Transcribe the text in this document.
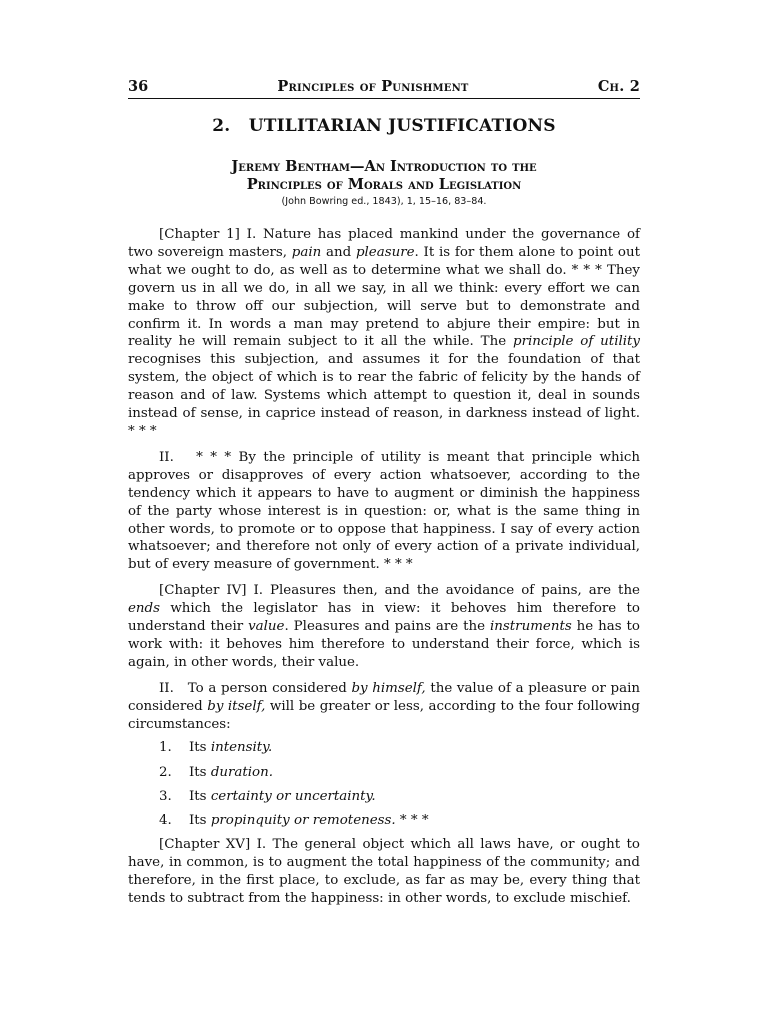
36	Principles of Punishment	Ch. 2
2.   UTILITARIAN JUSTIFICATIONS
Jeremy Bentham—An Introduction to the
Principles of Morals and Legislation
(John Bowring ed., 1843), 1, 15–16, 83–84.

[Chapter 1] I. Nature has placed mankind under the governance of two sovereign masters, pain and pleasure. It is for them alone to point out what we ought to do, as well as to determine what we shall do. * * * They govern us in all we do, in all we say, in all we think: every effort we can make to throw off our subjection, will serve but to demonstrate and confirm it. In words a man may pretend to abjure their empire: but in reality he will remain subject to it all the while. The principle of utility recognises this subjection, and assumes it for the foundation of that system, the object of which is to rear the fabric of felicity by the hands of reason and of law. Systems which attempt to question it, deal in sounds instead of sense, in caprice instead of reason, in darkness instead of light. * * *

II.   * * * By the principle of utility is meant that principle which approves or disapproves of every action whatsoever, according to the tendency which it appears to have to augment or diminish the happiness of the party whose interest is in question: or, what is the same thing in other words, to promote or to oppose that happiness. I say of every action whatsoever; and therefore not only of every action of a private individual, but of every measure of government. * * *

[Chapter IV] I. Pleasures then, and the avoidance of pains, are the ends which the legislator has in view: it behoves him therefore to understand their value. Pleasures and pains are the instruments he has to work with: it behoves him therefore to understand their force, which is again, in other words, their value.

II.   To a person considered by himself, the value of a pleasure or pain considered by itself, will be greater or less, according to the four following circumstances:

1.	Its intensity.
2.	Its duration.
3.	Its certainty or uncertainty.
4.	Its propinquity or remoteness. * * *

[Chapter XV] I. The general object which all laws have, or ought to have, in common, is to augment the total happiness of the community; and therefore, in the first place, to exclude, as far as may be, every thing that tends to subtract from the happiness: in other words, to exclude mischief.
